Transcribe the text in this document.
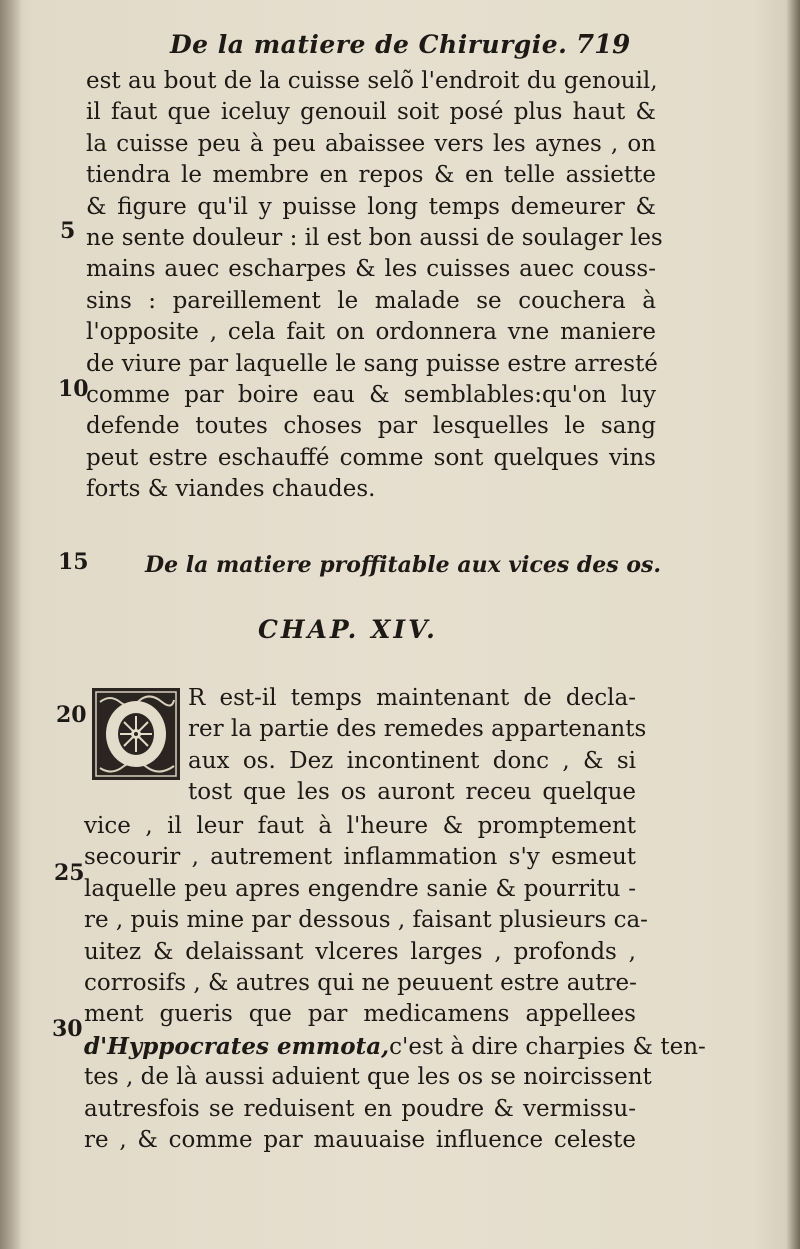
De la matiere de Chirurgie. 719
est au bout de la cuisse selõ l'endroit du genouil,
il faut que iceluy genouil soit posé plus haut &
la cuisse peu à peu abaissee vers les aynes , on
tiendra le membre en repos & en telle assiette
& figure qu'il y puisse long temps demeurer &
ne sente douleur : il est bon aussi de soulager les
mains auec escharpes & les cuisses auec couss-
sins : pareillement le malade se couchera à
l'opposite , cela fait on ordonnera vne maniere
de viure par laquelle le sang puisse estre arresté
comme par boire eau & semblables:qu'on luy
defende toutes choses par lesquelles le sang
peut estre eschauffé comme sont quelques vins
forts & viandes chaudes.
5
10
15
20
25
30
De la matiere proffitable aux vices des os.
CHAP. XIV.
R est-il temps maintenant de decla-
rer la partie des remedes appartenants
aux os. Dez incontinent donc , & si
tost que les os auront receu quelque
vice , il leur faut à l'heure & promptement
secourir , autrement inflammation s'y esmeut
laquelle peu apres engendre sanie & pourritu -
re , puis mine par dessous , faisant plusieurs ca-
uitez & delaissant vlceres larges , profonds ,
corrosifs , & autres qui ne peuuent estre autre-
ment gueris que par medicamens appellees
d'Hyppocrates emmota,c'est à dire charpies & ten-
tes , de là aussi aduient que les os se noircissent
autresfois se reduisent en poudre & vermissu-
re , & comme par mauuaise influence celeste
